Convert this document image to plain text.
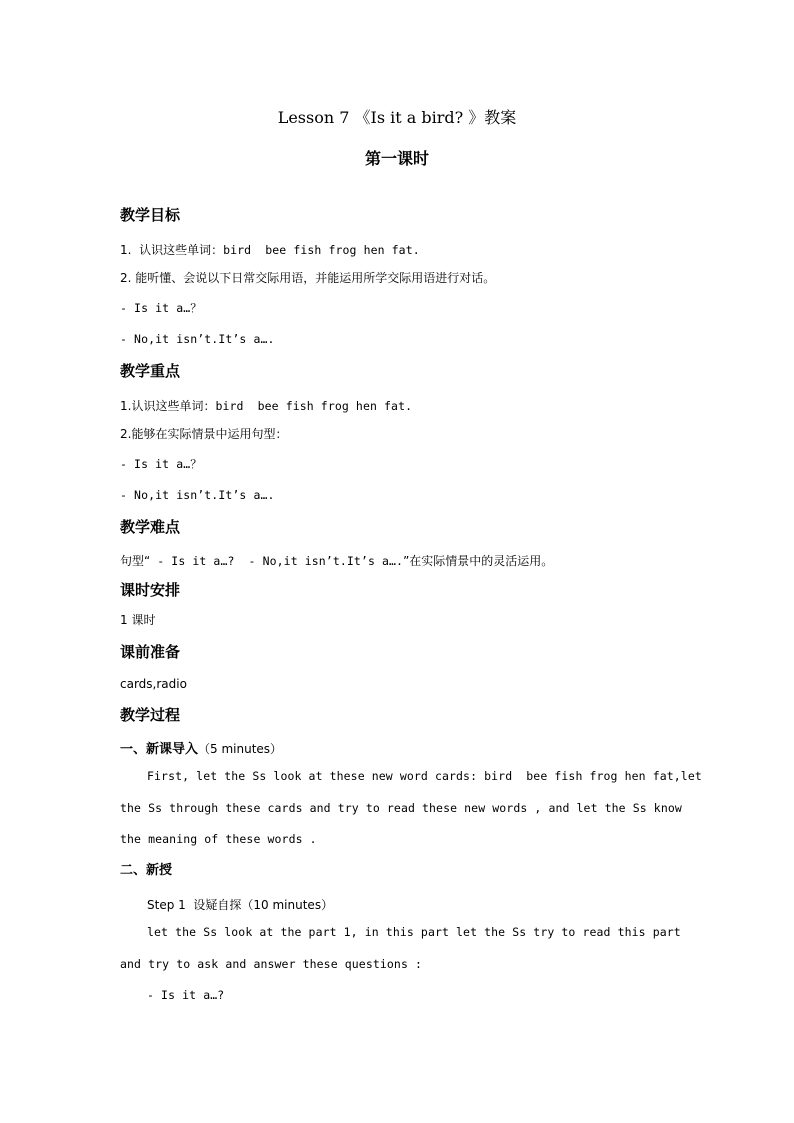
Lesson 7 《Is it a bird? 》教案
第一课时
教学目标
1.  认识这些单词：bird  bee fish frog hen fat.
2. 能听懂、会说以下日常交际用语，并能运用所学交际用语进行对话。
- Is it a…？
- No,it isn’t.It’s a….
教学重点
1.认识这些单词：bird  bee fish frog hen fat.
2.能够在实际情景中运用句型：
- Is it a…？
- No,it isn’t.It’s a….
教学难点
句型“ - Is it a…?  - No,it isn’t.It’s a….”在实际情景中的灵活运用。
课时安排
1 课时
课前准备
cards,radio
教学过程
一、新课导入（5 minutes）
First, let the Ss look at these new word cards: bird  bee fish frog hen fat,let
the Ss through these cards and try to read these new words , and let the Ss know
the meaning of these words .
二、新授
Step 1  设疑自探（10 minutes）
let the Ss look at the part 1, in this part let the Ss try to read this part
and try to ask and answer these questions :
- Is it a…?
